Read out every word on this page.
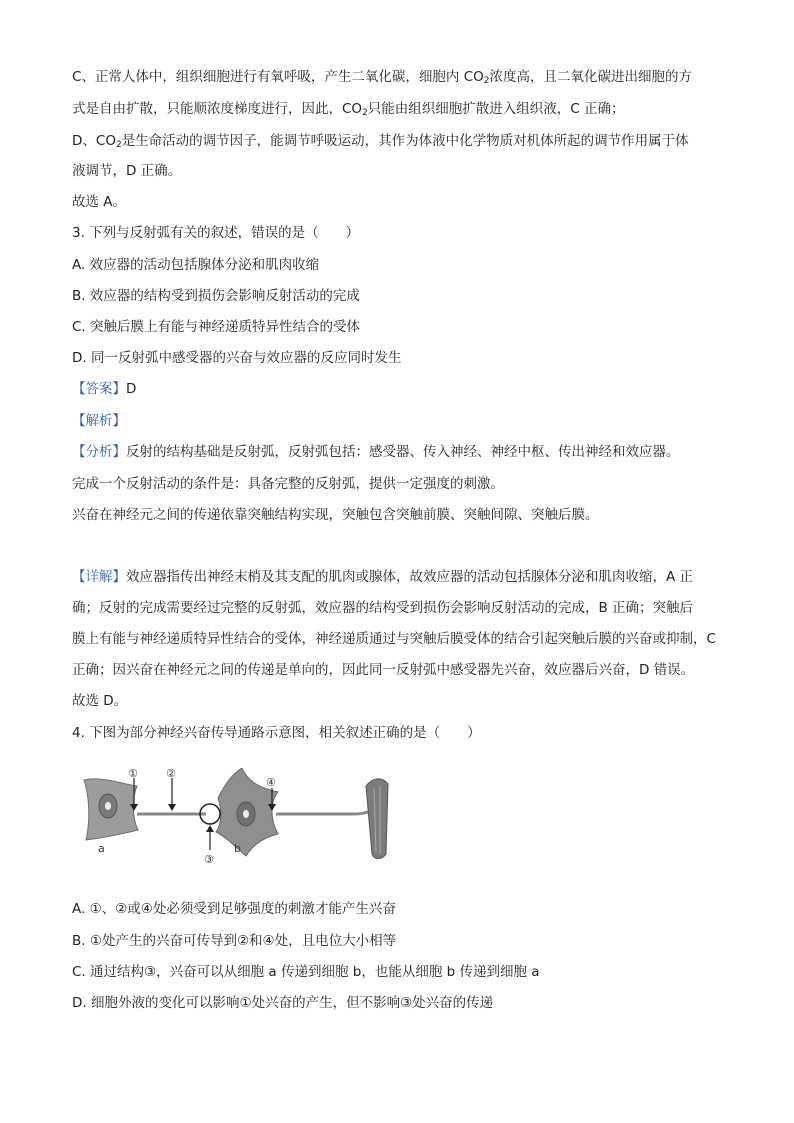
C、正常人体中，组织细胞进行有氧呼吸，产生二氧化碳，细胞内 $CO_2$浓度高，且二氧化碳进出细胞的方
式是自由扩散，只能顺浓度梯度进行，因此，$CO_2$只能由组织细胞扩散进入组织液，C 正确；
D、$CO_2$是生命活动的调节因子，能调节呼吸运动，其作为体液中化学物质对机体所起的调节作用属于体
液调节，D 正确。
故选 A。
3. 下列与反射弧有关的叙述，错误的是（　　）
A. 效应器的活动包括腺体分泌和肌肉收缩
B. 效应器的结构受到损伤会影响反射活动的完成
C. 突触后膜上有能与神经递质特异性结合的受体
D. 同一反射弧中感受器的兴奋与效应器的反应同时发生
【答案】D
【解析】
【分析】反射的结构基础是反射弧，反射弧包括：感受器、传入神经、神经中枢、传出神经和效应器。
完成一个反射活动的条件是：具备完整的反射弧，提供一定强度的刺激。
兴奋在神经元之间的传递依靠突触结构实现，突触包含突触前膜、突触间隙、突触后膜。
【详解】效应器指传出神经末梢及其支配的肌肉或腺体，故效应器的活动包括腺体分泌和肌肉收缩，A 正
确；反射的完成需要经过完整的反射弧，效应器的结构受到损伤会影响反射活动的完成，B 正确；突触后
膜上有能与神经递质特异性结合的受体，神经递质通过与突触后膜受体的结合引起突触后膜的兴奋或抑制，C
正确；因兴奋在神经元之间的传递是单向的，因此同一反射弧中感受器先兴奋，效应器后兴奋，D 错误。
故选 D。
4. 下图为部分神经兴奋传导通路示意图，相关叙述正确的是（　　）
①	②
④
③
a	b
A. ①、②或④处必须受到足够强度的刺激才能产生兴奋
B. ①处产生的兴奋可传导到②和④处，且电位大小相等
C. 通过结构③，兴奋可以从细胞 a 传递到细胞 b，也能从细胞 b 传递到细胞 a
D. 细胞外液的变化可以影响①处兴奋的产生，但不影响③处兴奋的传递
